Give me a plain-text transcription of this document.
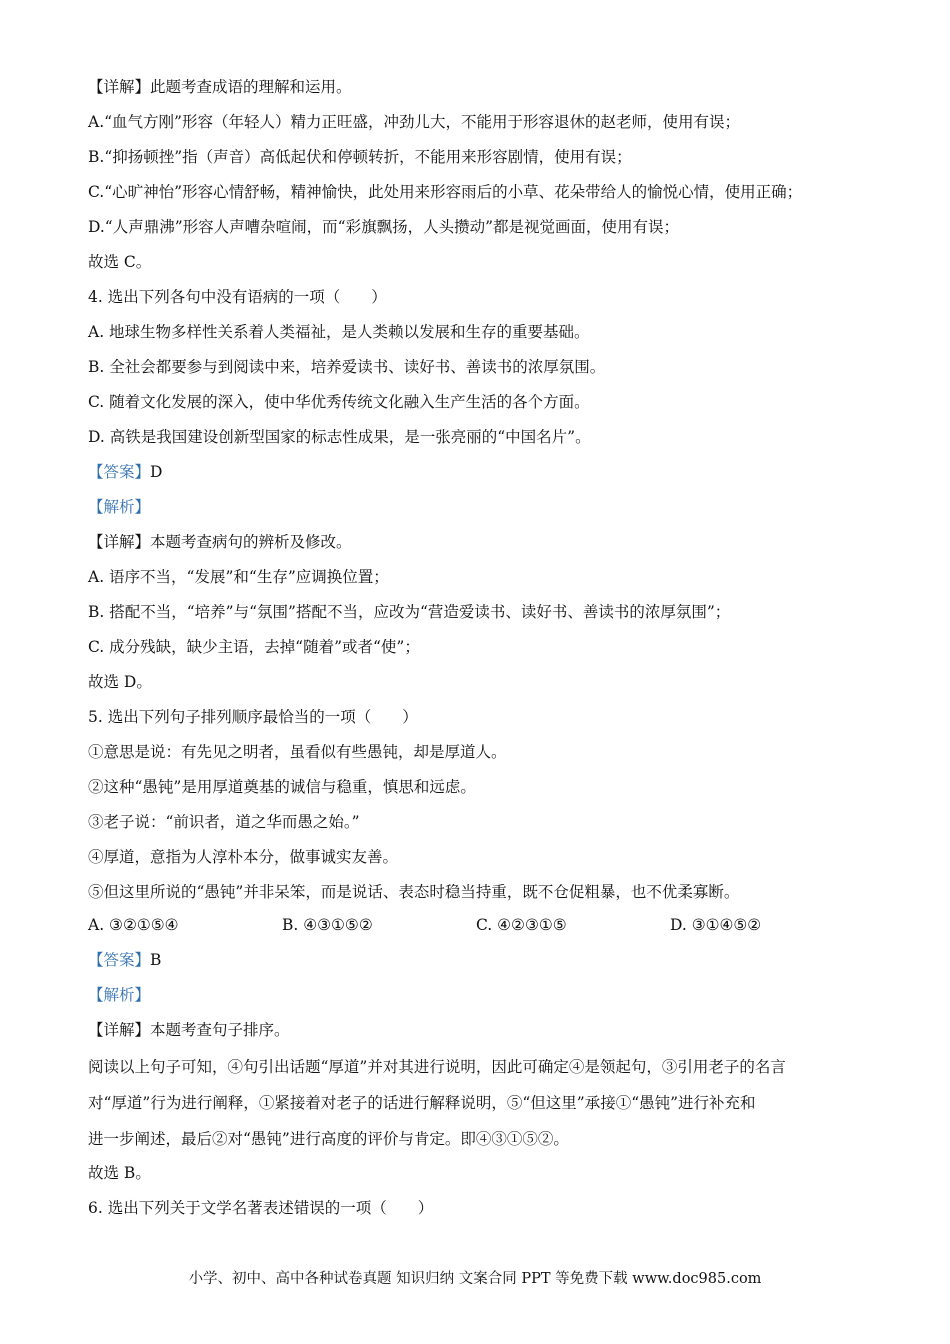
【详解】此题考查成语的理解和运用。
A.“血气方刚”形容（年轻人）精力正旺盛，冲劲儿大，不能用于形容退休的赵老师，使用有误；
B.“抑扬顿挫”指（声音）高低起伏和停顿转折，不能用来形容剧情，使用有误；
C.“心旷神怡”形容心情舒畅，精神愉快，此处用来形容雨后的小草、花朵带给人的愉悦心情，使用正确；
D.“人声鼎沸”形容人声嘈杂喧闹，而“彩旗飘扬，人头攒动”都是视觉画面，使用有误；
故选 C。
4. 选出下列各句中没有语病的一项（　　）
A. 地球生物多样性关系着人类福祉，是人类赖以发展和生存的重要基础。
B. 全社会都要参与到阅读中来，培养爱读书、读好书、善读书的浓厚氛围。
C. 随着文化发展的深入，使中华优秀传统文化融入生产生活的各个方面。
D. 高铁是我国建设创新型国家的标志性成果，是一张亮丽的“中国名片”。
【答案】D
【解析】
【详解】本题考查病句的辨析及修改。
A. 语序不当，“发展”和“生存”应调换位置；
B. 搭配不当，“培养”与“氛围”搭配不当，应改为“营造爱读书、读好书、善读书的浓厚氛围”；
C. 成分残缺，缺少主语，去掉“随着”或者“使”；
故选 D。
5. 选出下列句子排列顺序最恰当的一项（　　）
①意思是说：有先见之明者，虽看似有些愚钝，却是厚道人。
②这种“愚钝”是用厚道奠基的诚信与稳重，慎思和远虑。
③老子说：“前识者，道之华而愚之始。”
④厚道，意指为人淳朴本分，做事诚实友善。
⑤但这里所说的“愚钝”并非呆笨，而是说话、表态时稳当持重，既不仓促粗暴，也不优柔寡断。
A. ③②①⑤④	B. ④③①⑤②	C. ④②③①⑤	D. ③①④⑤②
【答案】B
【解析】
【详解】本题考查句子排序。
阅读以上句子可知，④句引出话题“厚道”并对其进行说明，因此可确定④是领起句，③引用老子的名言
对“厚道”行为进行阐释，①紧接着对老子的话进行解释说明，⑤“但这里”承接①“愚钝”进行补充和
进一步阐述，最后②对“愚钝”进行高度的评价与肯定。即④③①⑤②。
故选 B。
6. 选出下列关于文学名著表述错误的一项（　　）
小学、初中、高中各种试卷真题 知识归纳 文案合同 PPT 等免费下载 www.doc985.com
